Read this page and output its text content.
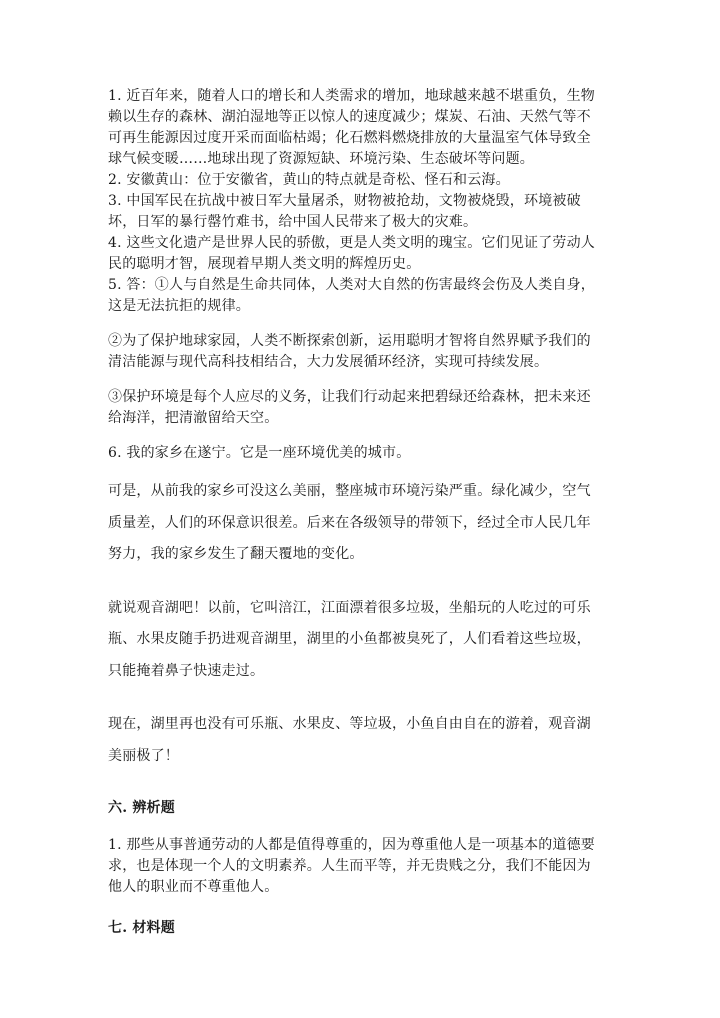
1. 近百年来，随着人口的增长和人类需求的增加，地球越来越不堪重负，生物
赖以生存的森林、湖泊湿地等正以惊人的速度减少；煤炭、石油、天然气等不
可再生能源因过度开采而面临枯竭；化石燃料燃烧排放的大量温室气体导致全
球气候变暖……地球出现了资源短缺、环境污染、生态破坏等问题。

2. 安徽黄山：位于安徽省，黄山的特点就是奇松、怪石和云海。

3. 中国军民在抗战中被日军大量屠杀，财物被抢劫，文物被烧毁，环境被破
坏，日军的暴行罄竹难书，给中国人民带来了极大的灾难。

4. 这些文化遗产是世界人民的骄傲，更是人类文明的瑰宝。它们见证了劳动人
民的聪明才智，展现着早期人类文明的辉煌历史。

5. 答：①人与自然是生命共同体，人类对大自然的伤害最终会伤及人类自身，
这是无法抗拒的规律。

②为了保护地球家园，人类不断探索创新，运用聪明才智将自然界赋予我们的
清洁能源与现代高科技相结合，大力发展循环经济，实现可持续发展。

③保护环境是每个人应尽的义务，让我们行动起来把碧绿还给森林，把未来还
给海洋，把清澈留给天空。

6. 我的家乡在遂宁。它是一座环境优美的城市。

可是，从前我的家乡可没这么美丽，整座城市环境污染严重。绿化减少，空气
质量差，人们的环保意识很差。后来在各级领导的带领下，经过全市人民几年
努力，我的家乡发生了翻天覆地的变化。

就说观音湖吧！以前，它叫涪江，江面漂着很多垃圾，坐船玩的人吃过的可乐
瓶、水果皮随手扔进观音湖里，湖里的小鱼都被臭死了，人们看着这些垃圾，
只能掩着鼻子快速走过。

现在，湖里再也没有可乐瓶、水果皮、等垃圾，小鱼自由自在的游着，观音湖
美丽极了！

六. 辨析题

1. 那些从事普通劳动的人都是值得尊重的，因为尊重他人是一项基本的道德要
求，也是体现一个人的文明素养。人生而平等，并无贵贱之分，我们不能因为
他人的职业而不尊重他人。

七. 材料题
